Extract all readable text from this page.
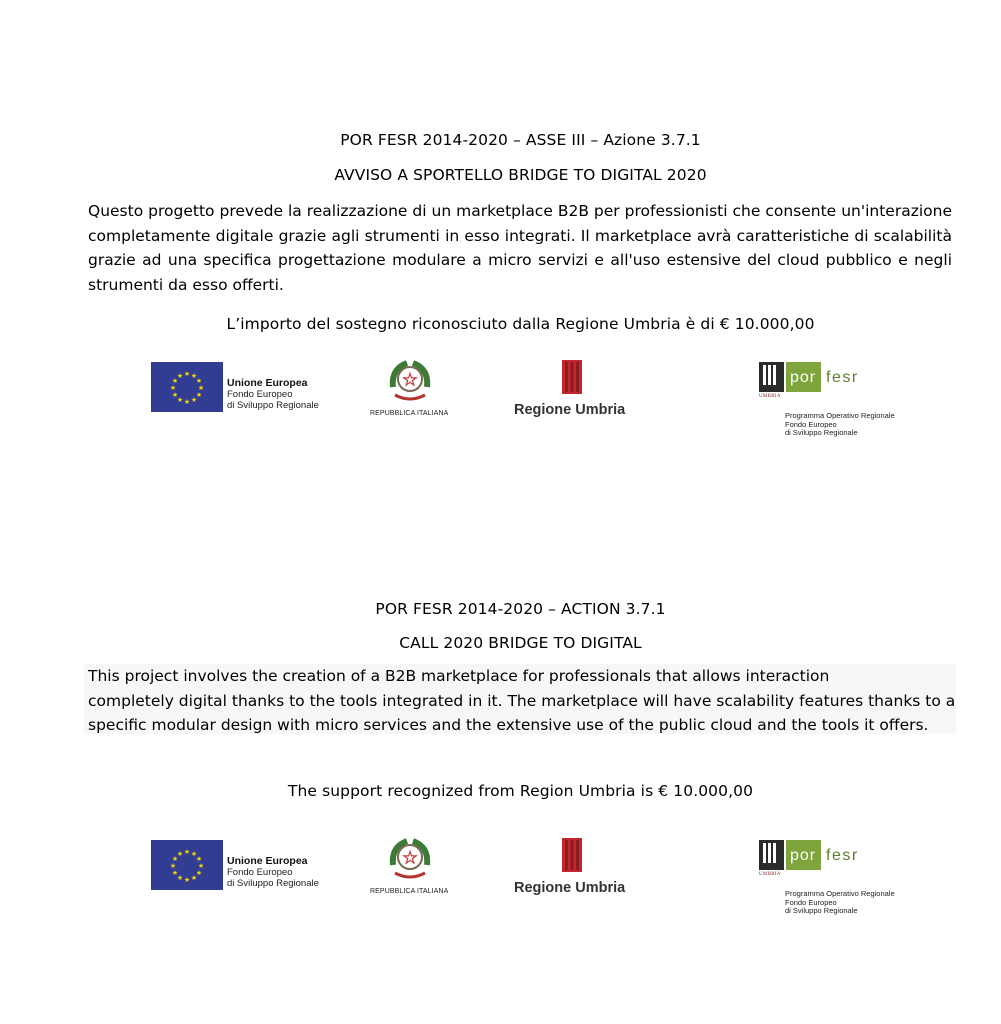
POR FESR 2014-2020 – ASSE III – Azione 3.7.1
AVVISO A SPORTELLO BRIDGE TO DIGITAL 2020
Questo progetto prevede la realizzazione di un marketplace B2B per professionisti che consente un'interazione completamente digitale grazie agli strumenti in esso integrati. Il marketplace avrà caratteristiche di scalabilità grazie ad una specifica progettazione modulare a micro servizi e all'uso estensive del cloud pubblico e negli strumenti da esso offerti.
L’importo del sostegno riconosciuto dalla Regione Umbria è di € 10.000,00
★ ★
★
★
★
★
★
★
★
★
★
★
Unione Europea
Fondo Europeo
di Sviluppo Regionale
★
REPUBBLICA ITALIANA	Regione Umbria
por fesr
UMBRIA
Programma Operativo Regionale
Fondo Europeo
di Sviluppo Regionale
POR FESR 2014-2020 – ACTION 3.7.1
CALL 2020 BRIDGE TO DIGITAL
This project involves the creation of a B2B marketplace for professionals that allows interaction
completely digital thanks to the tools integrated in it. The marketplace will have scalability features thanks to a
specific modular design with micro services and the extensive use of the public cloud and the tools it offers.
The support recognized from Region Umbria is € 10.000,00
★ ★
★
★
★
★
★
★
★
★
★
★
Unione Europea
Fondo Europeo
di Sviluppo Regionale
★
REPUBBLICA ITALIANA	Regione Umbria
por fesr
UMBRIA
Programma Operativo Regionale
Fondo Europeo
di Sviluppo Regionale
